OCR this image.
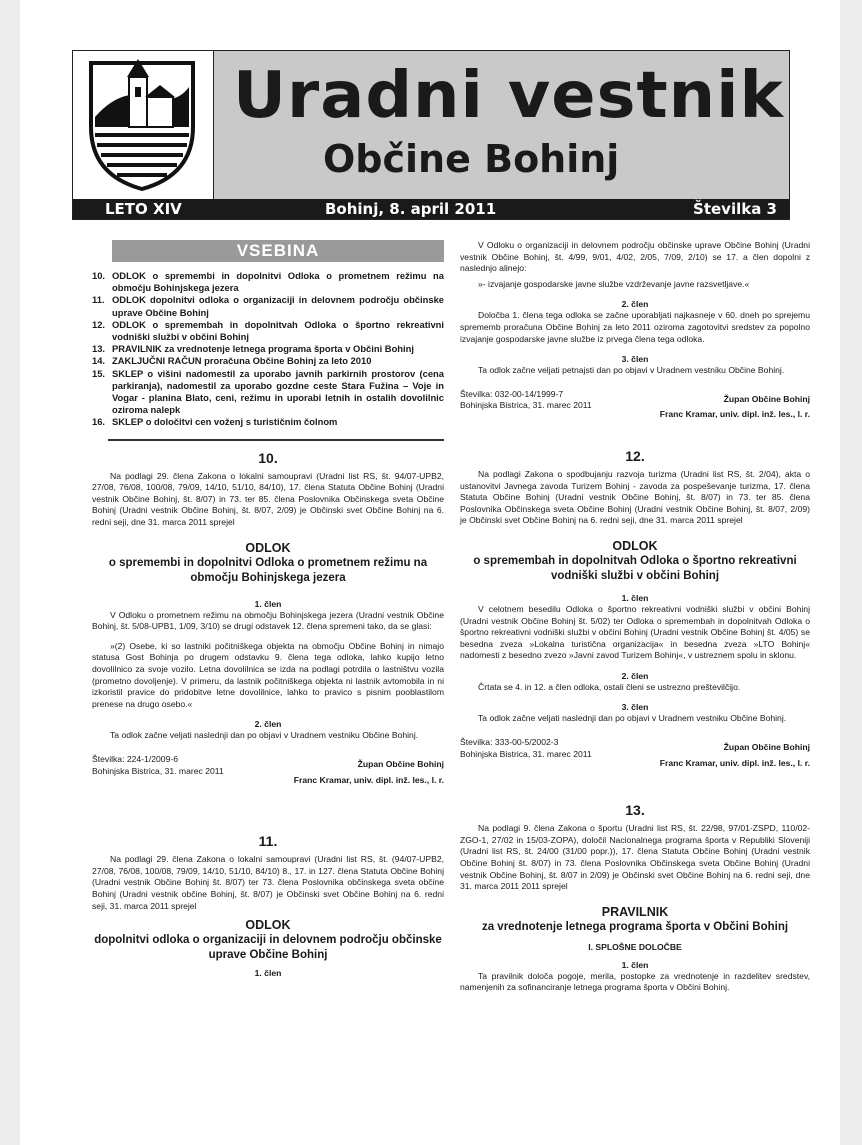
Uradni vestnik
Občine Bohinj
LETO XIV	Bohinj, 8. april 2011	Številka 3
VSEBINA
10. ODLOK o spremembi in dopolnitvi Odloka o prometnem režimu na območju Bohinjskega jezera
11. ODLOK dopolnitvi odloka o organizaciji in delovnem področju občinske uprave Občine Bohinj
12. ODLOK o spremembah in dopolnitvah Odloka o športno rekreativni vodniški službi v občini Bohinj
13. PRAVILNIK za vrednotenje letnega programa športa v Občini Bohinj
14. ZAKLJUČNI RAČUN proračuna Občine Bohinj za leto 2010
15. SKLEP o višini nadomestil za uporabo javnih parkirnih prostorov (cena parkiranja), nadomestil za uporabo gozdne ceste Stara Fužina – Voje in Vogar - planina Blato, ceni, režimu in uporabi letnih in ostalih dovolilnic oziroma nalepk
16. SKLEP o določitvi cen voženj s turističnim čolnom
10.

Na podlagi 29. člena Zakona o lokalni samoupravi (Uradni list RS, št. 94/07-UPB2, 27/08, 76/08, 100/08, 79/09, 14/10, 51/10, 84/10), 17. člena Statuta Občine Bohinj (Uradni vestnik Občine Bohinj, št. 8/07) in 73. ter 85. člena Poslovnika Občinskega sveta Občine Bohinj (Uradni vestnik Občine Bohinj, št. 8/07, 2/09) je Občinski svet Občine Bohinj na 6. redni seji, dne 31. marca 2011 sprejel

ODLOK
o spremembi in dopolnitvi Odloka o prometnem režimu na območju Bohinjskega jezera
1. člen

V Odloku o prometnem režimu na območju Bohinjskega jezera (Uradni vestnik Občine Bohinj, št. 5/08-UPB1, 1/09, 3/10) se drugi odstavek 12. člena spremeni tako, da se glasi:

»(2) Osebe, ki so lastniki počitniškega objekta na območju Občine Bohinj in nimajo statusa Gost Bohinja po drugem odstavku 9. člena tega odloka, lahko kupijo letno dovolilnico za svoje vozilo. Letna dovolilnica se izda na podlagi potrdila o lastništvu vozila (prometno dovoljenje). V primeru, da lastnik počitniškega objekta ni lastnik avtomobila in ni izkoristil pravice do pridobitve letne dovolilnice, lahko to pravico s pisnim pooblastilom prenese na drugo osebo.«

2. člen

Ta odlok začne veljati naslednji dan po objavi v Uradnem vestniku Občine Bohinj.

Številka: 224-1/2009-6
Bohinjska Bistrica, 31. marec 2011
Župan Občine Bohinj
Franc Kramar, univ. dipl. inž. les., l. r.
11.

Na podlagi 29. člena Zakona o lokalni samoupravi (Uradni list RS, št. (94/07-UPB2, 27/08, 76/08, 100/08, 79/09, 14/10, 51/10, 84/10) 8., 17. in 127. člena Statuta Občine Bohinj (Uradni vestnik Občine Bohinj št. 8/07) ter 73. člena Poslovnika občinskega sveta občine Bohinj (Uradni vestnik občine Bohinj, št. 8/07) je Občinski svet Občine Bohinj na 6. redni seji, 31. marca 2011 sprejel

ODLOK
dopolnitvi odloka o organizaciji in delovnem področju občinske uprave Občine Bohinj
1. člen

V Odloku o organizaciji in delovnem področju občinske uprave Občine Bohinj (Uradni vestnik Občine Bohinj, št. 4/99, 9/01, 4/02, 2/05, 7/09, 2/10) se 17. a člen dopolni z naslednjo alinejo:

»- izvajanje gospodarske javne službe vzdrževanje javne razsvetljave.«

2. člen

Določba 1. člena tega odloka se začne uporabljati najkasneje v 60. dneh po sprejemu sprememb proračuna Občine Bohinj za leto 2011 oziroma zagotovitvi sredstev za popolno izvajanje gospodarske javne službe iz prvega člena tega odloka.

3. člen

Ta odlok začne veljati petnajsti dan po objavi v Uradnem vestniku Občine Bohinj.

Številka: 032-00-14/1999-7
Bohinjska Bistrica, 31. marec 2011
Župan Občine Bohinj
Franc Kramar, univ. dipl. inž. les., l. r.
12.

Na podlagi Zakona o spodbujanju razvoja turizma (Uradni list RS, št. 2/04), akta o ustanovitvi Javnega zavoda Turizem Bohinj - zavoda za pospeševanje turizma, 17. člena Statuta Občine Bohinj (Uradni vestnik Občine Bohinj, št. 8/07) in 73. ter 85. člena Poslovnika Občinskega sveta Občine Bohinj (Uradni vestnik Občine Bohinj, št. 8/07, 2/09) je Občinski svet Občine Bohinj na 6. redni seji, dne 31. marca 2011 sprejel

ODLOK
o spremembah in dopolnitvah Odloka o športno rekreativni vodniški službi v občini Bohinj
1. člen

V celotnem besedilu Odloka o športno rekreativni vodniški službi v občini Bohinj (Uradni vestnik Občine Bohinj št. 5/02) ter Odloka o spremembah in dopolnitvah Odloka o športno rekreativni vodniški službi v občini Bohinj (Uradni vestnik Občine Bohinj št. 4/05) se besedna zveza »Lokalna turistična organizacija« in besedna zveza »LTO Bohinj« nadomesti z besedno zvezo »Javni zavod Turizem Bohinj«, v ustreznem spolu in sklonu.

2. člen

Črtata se 4. in 12. a člen odloka, ostali členi se ustrezno preštevilčijo.

3. člen

Ta odlok začne veljati naslednji dan po objavi v Uradnem vestniku Občine Bohinj.

Številka: 333-00-5/2002-3
Bohinjska Bistrica, 31. marec 2011
Župan Občine Bohinj
Franc Kramar, univ. dipl. inž. les., l. r.
13.

Na podlagi 9. člena Zakona o športu (Uradni list RS, št. 22/98, 97/01-ZSPD, 110/02-ZGO-1, 27/02 in 15/03-ZOPA), določil Nacionalnega programa športa v Republiki Sloveniji (Uradni list RS, št. 24/00 (31/00 popr.)), 17. člena Statuta Občine Bohinj (Uradni vestnik Občine Bohinj št. 8/07) in 73. člena Poslovnika Občinskega sveta Občine Bohinj (Uradni vestnik Občine Bohinj, št. 8/07 in 2/09) je Občinski svet Občine Bohinj na 6. redni seji, dne 31. marca 2011 2011 sprejel

PRAVILNIK
za vrednotenje letnega programa športa v Občini Bohinj
I. SPLOŠNE DOLOČBE
1. člen

Ta pravilnik določa pogoje, merila, postopke za vrednotenje in razdelitev sredstev, namenjenih za sofinanciranje letnega programa športa v Občini Bohinj.
